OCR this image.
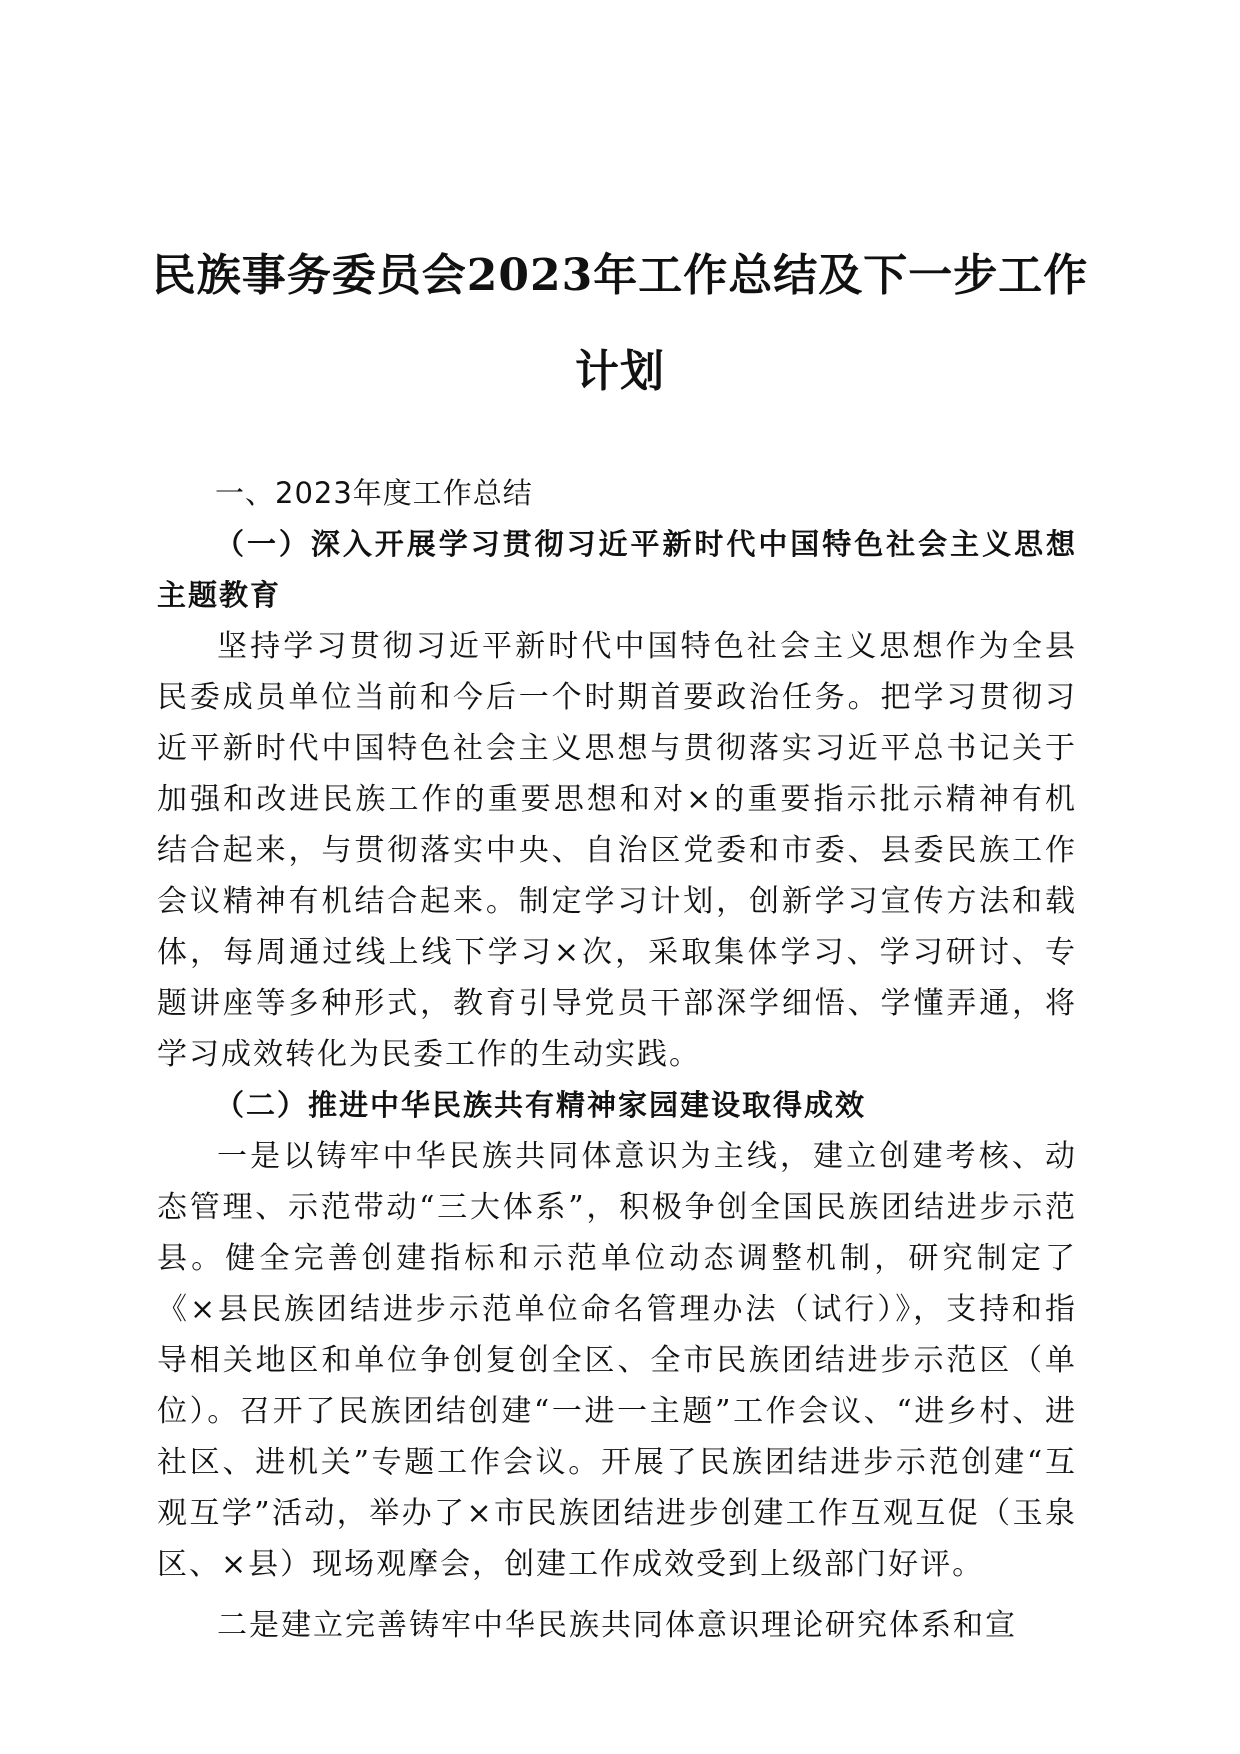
民族事务委员会2023年工作总结及下一步工作计划

一、2023年度工作总结

（一）深入开展学习贯彻习近平新时代中国特色社会主义思想主题教育

坚持学习贯彻习近平新时代中国特色社会主义思想作为全县民委成员单位当前和今后一个时期首要政治任务。把学习贯彻习近平新时代中国特色社会主义思想与贯彻落实习近平总书记关于加强和改进民族工作的重要思想和对×的重要指示批示精神有机结合起来，与贯彻落实中央、自治区党委和市委、县委民族工作会议精神有机结合起来。制定学习计划，创新学习宣传方法和载体，每周通过线上线下学习×次，采取集体学习、学习研讨、专题讲座等多种形式，教育引导党员干部深学细悟、学懂弄通，将学习成效转化为民委工作的生动实践。

（二）推进中华民族共有精神家园建设取得成效

一是以铸牢中华民族共同体意识为主线，建立创建考核、动态管理、示范带动“三大体系”，积极争创全国民族团结进步示范县。健全完善创建指标和示范单位动态调整机制，研究制定了《×县民族团结进步示范单位命名管理办法（试行）》，支持和指导相关地区和单位争创复创全区、全市民族团结进步示范区（单位）。召开了民族团结创建“一进一主题”工作会议、“进乡村、进社区、进机关”专题工作会议。开展了民族团结进步示范创建“互观互学”活动，举办了×市民族团结进步创建工作互观互促（玉泉区、×县）现场观摩会，创建工作成效受到上级部门好评。

二是建立完善铸牢中华民族共同体意识理论研究体系和宣
